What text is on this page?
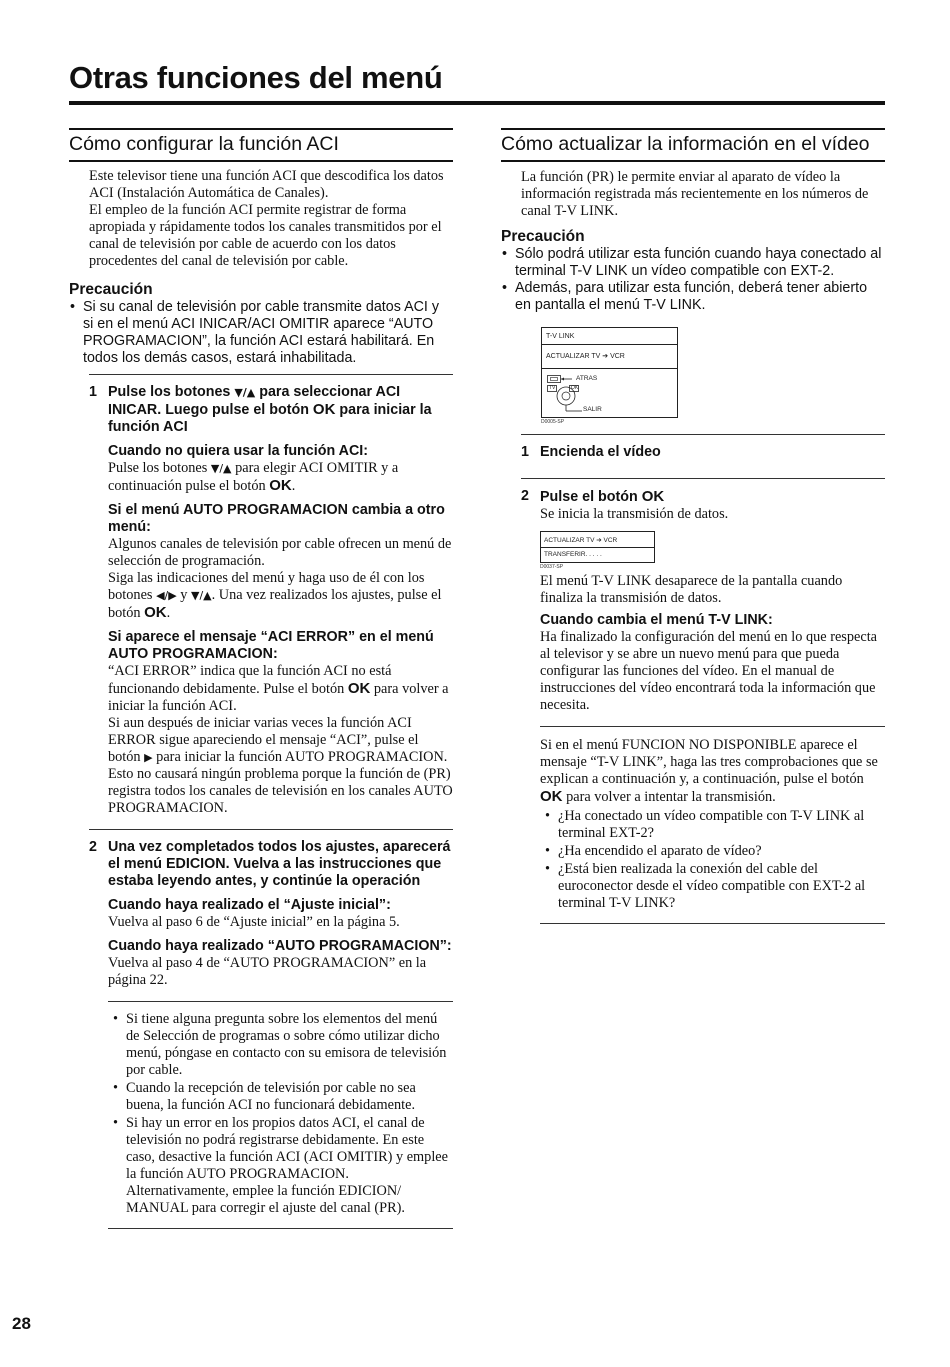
Otras funciones del menú
Cómo configurar la función ACI

Este televisor tiene una función ACI que descodifica los datos ACI (Instalación Automática de Canales).

El empleo de la función ACI permite registrar de forma apropiada y rápidamente todos los canales transmitidos por el canal de televisión por cable de acuerdo con los datos procedentes del canal de televisión por cable.

Precaución
• Si su canal de televisión por cable transmite datos ACI y si en el menú ACI INICAR/ACI OMITIR aparece “AUTO PROGRAMACION”, la función ACI estará habilitará. En todos los demás casos, estará inhabilitada.
1 Pulse los botones ▼/▲ para seleccionar ACI INICAR. Luego pulse el botón OK para iniciar la función ACI
Cuando no quiera usar la función ACI:

Pulse los botones ▼/▲ para elegir ACI OMITIR y a continuación pulse el botón OK.

Si el menú AUTO PROGRAMACION cambia a otro menú:

Algunos canales de televisión por cable ofrecen un menú de selección de programación.

Siga las indicaciones del menú y haga uso de él con los botones ◀/▶ y ▼/▲. Una vez realizados los ajustes, pulse el botón OK.

Si aparece el mensaje “ACI ERROR” en el menú AUTO PROGRAMACION:

“ACI ERROR” indica que la función ACI no está funcionando debidamente. Pulse el botón OK para volver a iniciar la función ACI.

Si aun después de iniciar varias veces la función ACI ERROR sigue apareciendo el mensaje “ACI”, pulse el botón ▶ para iniciar la función AUTO PROGRAMACION. Esto no causará ningún problema porque la función de (PR) registra todos los canales de televisión en los canales AUTO PROGRAMACION.

2 Una vez completados todos los ajustes, aparecerá el menú EDICION. Vuelva a las instrucciones que estaba leyendo antes, y continúe la operación
Cuando haya realizado el “Ajuste inicial”:

Vuelva al paso 6 de “Ajuste inicial” en la página 5.

Cuando haya realizado “AUTO PROGRAMACION”:

Vuelva al paso 4 de “AUTO PROGRAMACION” en la página 22.

• Si tiene alguna pregunta sobre los elementos del menú de Selección de programas o sobre cómo utilizar dicho menú, póngase en contacto con su emisora de televisión por cable.
• Cuando la recepción de televisión por cable no sea buena, la función ACI no funcionará debidamente.
• Si hay un error en los propios datos ACI, el canal de televisión no podrá registrarse debidamente. En este caso, desactive la función ACI (ACI OMITIR) y emplee la función AUTO PROGRAMACION. Alternativamente, emplee la función EDICION/ MANUAL para corregir el ajuste del canal (PR).
Cómo actualizar la información en el vídeo

La función (PR) le permite enviar al aparato de vídeo la información registrada más recientemente en los números de canal T-V LINK.

Precaución
• Sólo podrá utilizar esta función cuando haya conectado al terminal T-V LINK un vídeo compatible con EXT-2.
• Además, para utilizar esta función, deberá tener abierto en pantalla el menú T-V LINK.
T-V LINK
ACTUALIZAR TV ➔ VCR
ATRAS
TV	OK
SALIR
D0005-SP
1 Encienda el vídeo
2 Pulse el botón OK

Se inicia la transmisión de datos.

ACTUALIZAR TV ➔ VCR
TRANSFERIR. . . . .
D0037-SP

El menú T-V LINK desaparece de la pantalla cuando finaliza la transmisión de datos.

Cuando cambia el menú T-V LINK:

Ha finalizado la configuración del menú en lo que respecta al televisor y se abre un nuevo menú para que pueda configurar las funciones del vídeo. En el manual de instrucciones del vídeo encontrará toda la información que necesita.

Si en el menú FUNCION NO DISPONIBLE aparece el mensaje “T-V LINK”, haga las tres comprobaciones que se explican a continuación y, a continuación, pulse el botón OK para volver a intentar la transmisión.

• ¿Ha conectado un vídeo compatible con T-V LINK al terminal EXT-2?
• ¿Ha encendido el aparato de vídeo?
• ¿Está bien realizada la conexión del cable del euroconector desde el vídeo compatible con EXT-2 al terminal T-V LINK?
28
